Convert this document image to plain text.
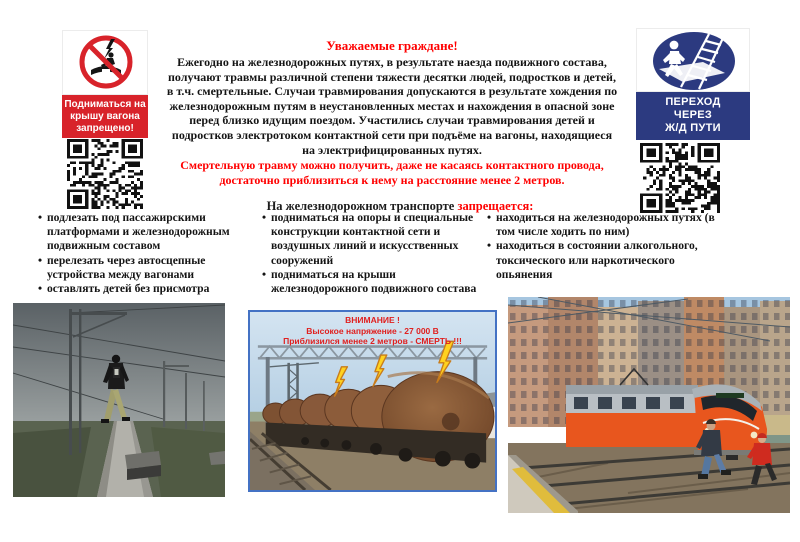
Подниматься на
крышу вагона
запрещено!
ПЕРЕХОД
ЧЕРЕЗ
Ж/Д ПУТИ
Уважаемые граждане!
Ежегодно на железнодорожных путях, в результате наезда подвижного состава, получают травмы различной степени тяжести десятки людей, подростков и детей, в т.ч. смертельные. Случаи травмирования допускаются в результате хождения по железнодорожным путям в неустановленных местах и нахождения в опасной зоне перед близко идущим поездом. Участились случаи травмирования детей и подростков электротоком контактной сети при подъёме на вагоны, находящиеся на электрифицированных путях.
Смертельную травму можно получить, даже не касаясь контактного провода, достаточно приблизиться к нему на расстояние менее 2 метров.
На железнодорожном транспорте запрещается:
• подлезать под пассажирскими платформами и железнодорожным подвижным составом
• перелезать через автосцепные устройства между вагонами
• оставлять детей без присмотра
• подниматься на опоры и специальные конструкции контактной сети и воздушных линий и искусственных сооружений
• подниматься на крыши железнодорожного подвижного состава
• находиться на железнодорожных путях (в том числе ходить по ним)
• находиться в состоянии алкогольного, токсического или наркотического опьянения
ВНИМАНИЕ !
Высокое напряжение - 27 000 В
Приблизился менее 2 метров - СМЕРТЬ !!!
